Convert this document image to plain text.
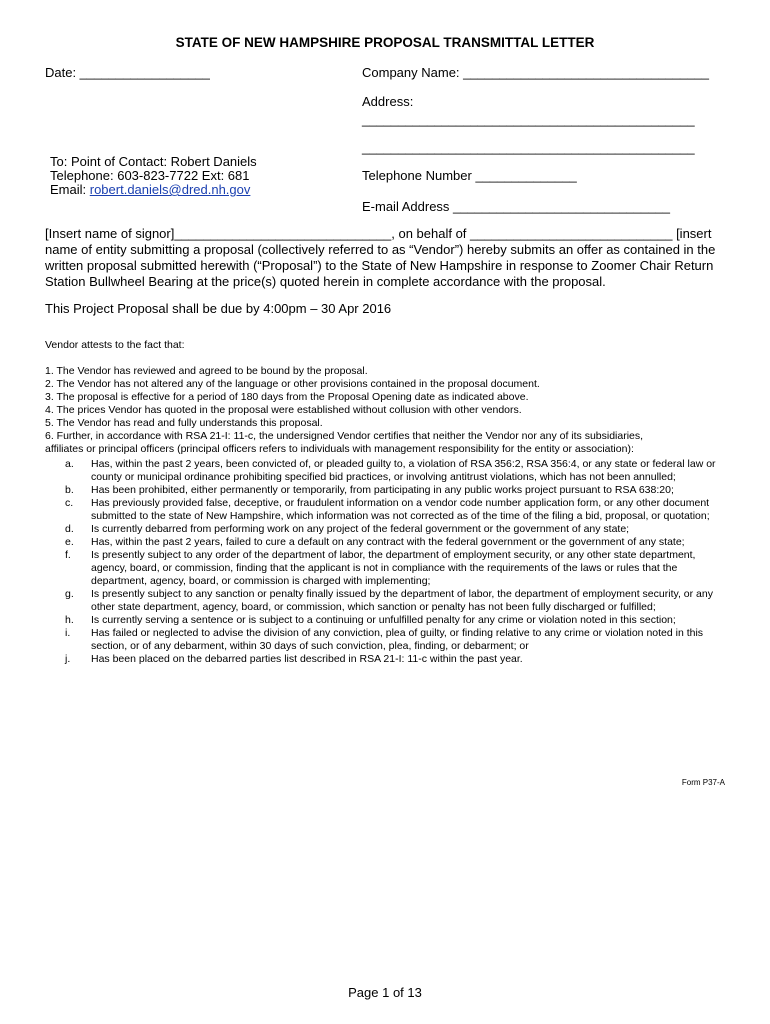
STATE OF NEW HAMPSHIRE PROPOSAL TRANSMITTAL LETTER
Date: __________________	Company Name: __________________________________
Address:
______________________________________________
______________________________________________
To: Point of Contact: Robert Daniels
Telephone: 603-823-7722 Ext: 681
Email: robert.daniels@dred.nh.gov
Telephone Number ______________
E-mail Address ______________________________
[Insert name of signor]______________________________, on behalf of ____________________________ [insert name of entity submitting a proposal (collectively referred to as “Vendor”) hereby submits an offer as contained in the written proposal submitted herewith (“Proposal”) to the State of New Hampshire in response to Zoomer Chair Return Station Bullwheel Bearing at the price(s) quoted herein in complete accordance with the proposal.
This Project Proposal shall be due by 4:00pm – 30 Apr 2016
Vendor attests to the fact that:
1. The Vendor has reviewed and agreed to be bound by the proposal.
2. The Vendor has not altered any of the language or other provisions contained in the proposal document.
3. The proposal is effective for a period of 180 days from the Proposal Opening date as indicated above.
4. The prices Vendor has quoted in the proposal were established without collusion with other vendors.
5. The Vendor has read and fully understands this proposal.
6. Further, in accordance with RSA 21-I: 11-c, the undersigned Vendor certifies that neither the Vendor nor any of its subsidiaries,
affiliates or principal officers (principal officers refers to individuals with management responsibility for the entity or association):
a.	Has, within the past 2 years, been convicted of, or pleaded guilty to, a violation of RSA 356:2, RSA 356:4, or any state or federal law or county or municipal ordinance prohibiting specified bid practices, or involving antitrust violations, which has not been annulled;
b.	Has been prohibited, either permanently or temporarily, from participating in any public works project pursuant to RSA 638:20;
c.	Has previously provided false, deceptive, or fraudulent information on a vendor code number application form, or any other document submitted to the state of New Hampshire, which information was not corrected as of the time of the filing a bid, proposal, or quotation;
d.	Is currently debarred from performing work on any project of the federal government or the government of any state;
e.	Has, within the past 2 years, failed to cure a default on any contract with the federal government or the government of any state;
f.	Is presently subject to any order of the department of labor, the department of employment security, or any other state department, agency, board, or commission, finding that the applicant is not in compliance with the requirements of the laws or rules that the department, agency, board, or commission is charged with implementing;
g.	Is presently subject to any sanction or penalty finally issued by the department of labor, the department of employment security, or any other state department, agency, board, or commission, which sanction or penalty has not been fully discharged or fulfilled;
h.	Is currently serving a sentence or is subject to a continuing or unfulfilled penalty for any crime or violation noted in this section;
i.	Has failed or neglected to advise the division of any conviction, plea of guilty, or finding relative to any crime or violation noted in this section, or of any debarment, within 30 days of such conviction, plea, finding, or debarment; or
j.	Has been placed on the debarred parties list described in RSA 21-I: 11-c within the past year.
Form P37-A
Page 1 of 13
